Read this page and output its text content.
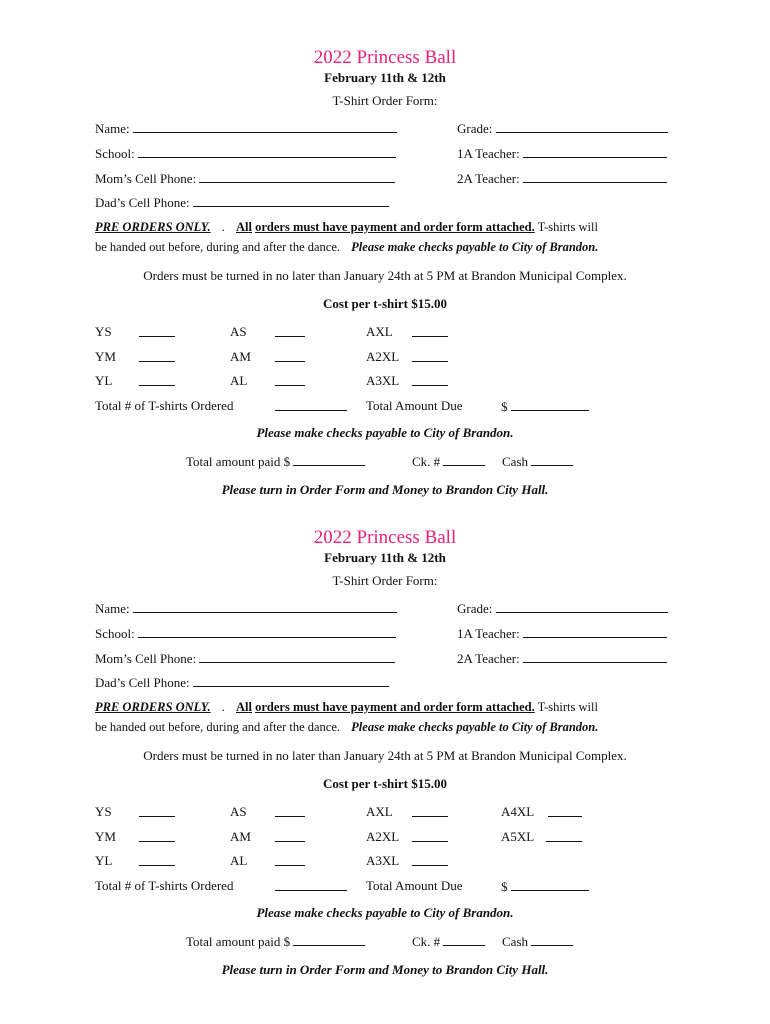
2022 Princess Ball
February 11th & 12th
T-Shirt Order Form:
Name:	Grade:
School:	1A Teacher:
Mom’s Cell Phone:	2A Teacher:
Dad’s Cell Phone:
PRE ORDERS ONLY. . All orders must have payment and order form attached. T-shirts will
be handed out before, during and after the dance. Please make checks payable to City of Brandon.
Orders must be turned in no later than January 24th at 5 PM at Brandon Municipal Complex.
Cost per t-shirt $15.00
YS	AS	AXL
YM	AM	A2XL
YL	AL	A3XL
Total # of T-shirts Ordered	Total Amount Due	$
Please make checks payable to City of Brandon.
Total amount paid $	Ck. #	Cash
Please turn in Order Form and Money to Brandon City Hall.
2022 Princess Ball
February 11th & 12th
T-Shirt Order Form:
Name:	Grade:
School:	1A Teacher:
Mom’s Cell Phone:	2A Teacher:
Dad’s Cell Phone:
PRE ORDERS ONLY. . All orders must have payment and order form attached. T-shirts will
be handed out before, during and after the dance. Please make checks payable to City of Brandon.
Orders must be turned in no later than January 24th at 5 PM at Brandon Municipal Complex.
Cost per t-shirt $15.00
YS	AS	AXL	A4XL
YM	AM	A2XL	A5XL
YL	AL	A3XL
Total # of T-shirts Ordered	Total Amount Due	$
Please make checks payable to City of Brandon.
Total amount paid $	Ck. #	Cash
Please turn in Order Form and Money to Brandon City Hall.
